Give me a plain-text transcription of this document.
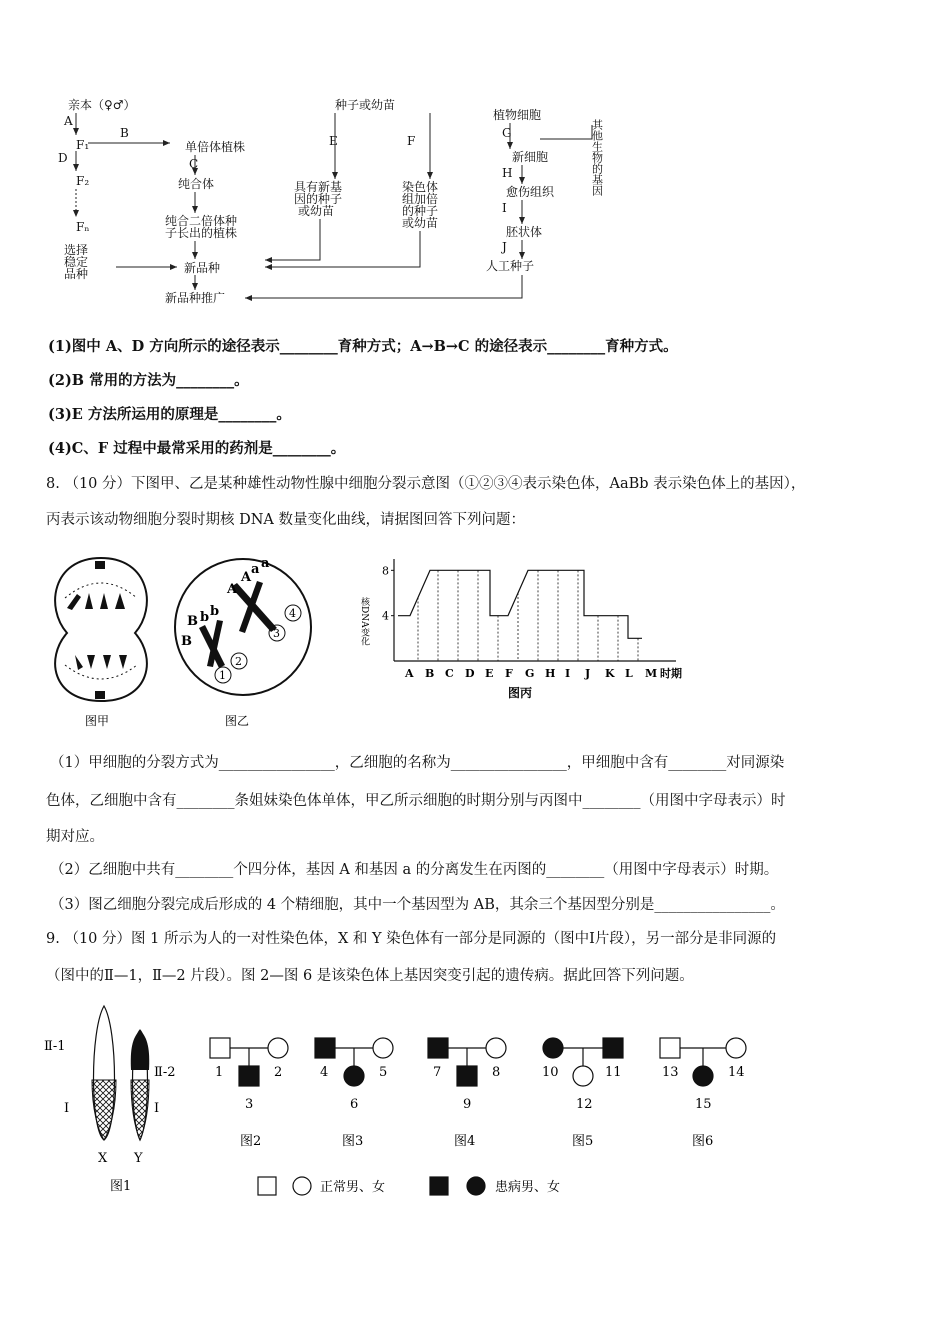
亲本（♀♂）
A
F₁
D
F₂
Fₙ
选择
稳定
品种
B
单倍体植株
C
纯合体
纯合二倍体种
子长出的植株
新品种
新品种推广
种子或幼苗
E
具有新基
因的种子
或幼苗
F
染色体
组加倍
的种子
或幼苗
植物细胞
G
新细胞
H
愈伤组织
I
胚状体
J
人工种子
其他生物的基因
(1)图中 A、D 方向所示的途径表示________育种方式；A→B→C 的途径表示________育种方式。
(2)B 常用的方法为________。
(3)E 方法所运用的原理是________。
(4)C、F 过程中最常采用的药剂是________。
8. （10 分）下图甲、乙是某种雄性动物性腺中细胞分裂示意图（①②③④表示染色体，AaBb 表示染色体上的基因），
丙表示该动物细胞分裂时期核 DNA 数量变化曲线，请据图回答下列问题：
图甲
A
A
a a
B b b
B
4
3
2
1
图乙
核DNA变化
A B C D E F G H I J K L M
4
8
时期
图丙
（1）甲细胞的分裂方式为________________，乙细胞的名称为________________，甲细胞中含有________对同源染
色体，乙细胞中含有________条姐妹染色体单体，甲乙所示细胞的时期分别与丙图中________（用图中字母表示）时
期对应。
（2）乙细胞中共有________个四分体，基因 A 和基因 a 的分离发生在丙图的________（用图中字母表示）时期。
（3）图乙细胞分裂完成后形成的 4 个精细胞，其中一个基因型为 AB，其余三个基因型分别是________________。
9. （10 分）图 1 所示为人的一对性染色体，X 和 Y 染色体有一部分是同源的（图中Ⅰ片段），另一部分是非同源的
（图中的Ⅱ—1，Ⅱ—2 片段）。图 2—图 6 是该染色体上基因突变引起的遗传病。据此回答下列问题。
Ⅱ-1
Ⅱ-2
Ⅰ	Ⅰ
X Y
图1
1	2
3
4	5
6
7	8
9
10	11
12
13	14
15
图2	图3	图4	图5	图6
正常男、女	患病男、女
